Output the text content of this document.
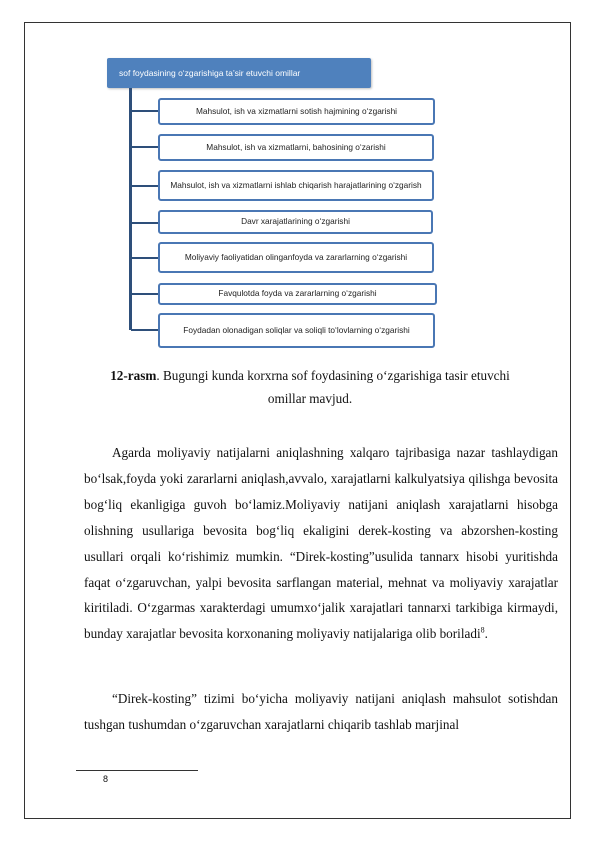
sof foydasining o‘zgarishiga ta’sir etuvchi omillar
Mahsulot, ish va xizmatlarni sotish hajmining o‘zgarishi
Mahsulot, ish va xizmatlarni, bahosining o‘zarishi
Mahsulot, ish va xizmatlarni ishlab chiqarish harajatlarining o‘zgarish
Davr xarajatlarining o‘zgarishi
Moliyaviy faoliyatidan olinganfoyda va zararlarning o‘zgarishi
Favqulotda foyda va zararlarning o‘zgarishi
Foydadan olonadigan soliqlar va soliqli to‘lovlarning o‘zgarishi
12-rasm. Bugungi kunda korxrna sof foydasining o‘zgarishiga tasir etuvchi omillar mavjud.

Agarda moliyaviy natijalarni aniqlashning xalqaro tajribasiga nazar tashlaydigan bo‘lsak,foyda yoki zararlarni aniqlash,avvalo, xarajatlarni kalkulyatsiya qilishga bevosita bog‘liq ekanligiga guvoh bo‘lamiz.Moliyaviy natijani aniqlash xarajatlarni hisobga olishning usullariga bevosita bog‘liq ekaligini derek-kosting va abzorshen-kosting usullari orqali ko‘rishimiz mumkin. “Direk-kosting”usulida tannarx hisobi yuritishda faqat o‘zgaruvchan, yalpi bevosita sarflangan material, mehnat va moliyaviy xarajatlar kiritiladi. O‘zgarmas xarakterdagi umumxo‘jalik xarajatlari tannarxi tarkibiga kirmaydi, bunday xarajatlar bevosita korxonaning moliyaviy natijalariga olib boriladi$^8$.

“Direk-kosting” tizimi bo‘yicha moliyaviy natijani aniqlash mahsulot sotishdan tushgan tushumdan o‘zgaruvchan xarajatlarni chiqarib tashlab marjinal

8
